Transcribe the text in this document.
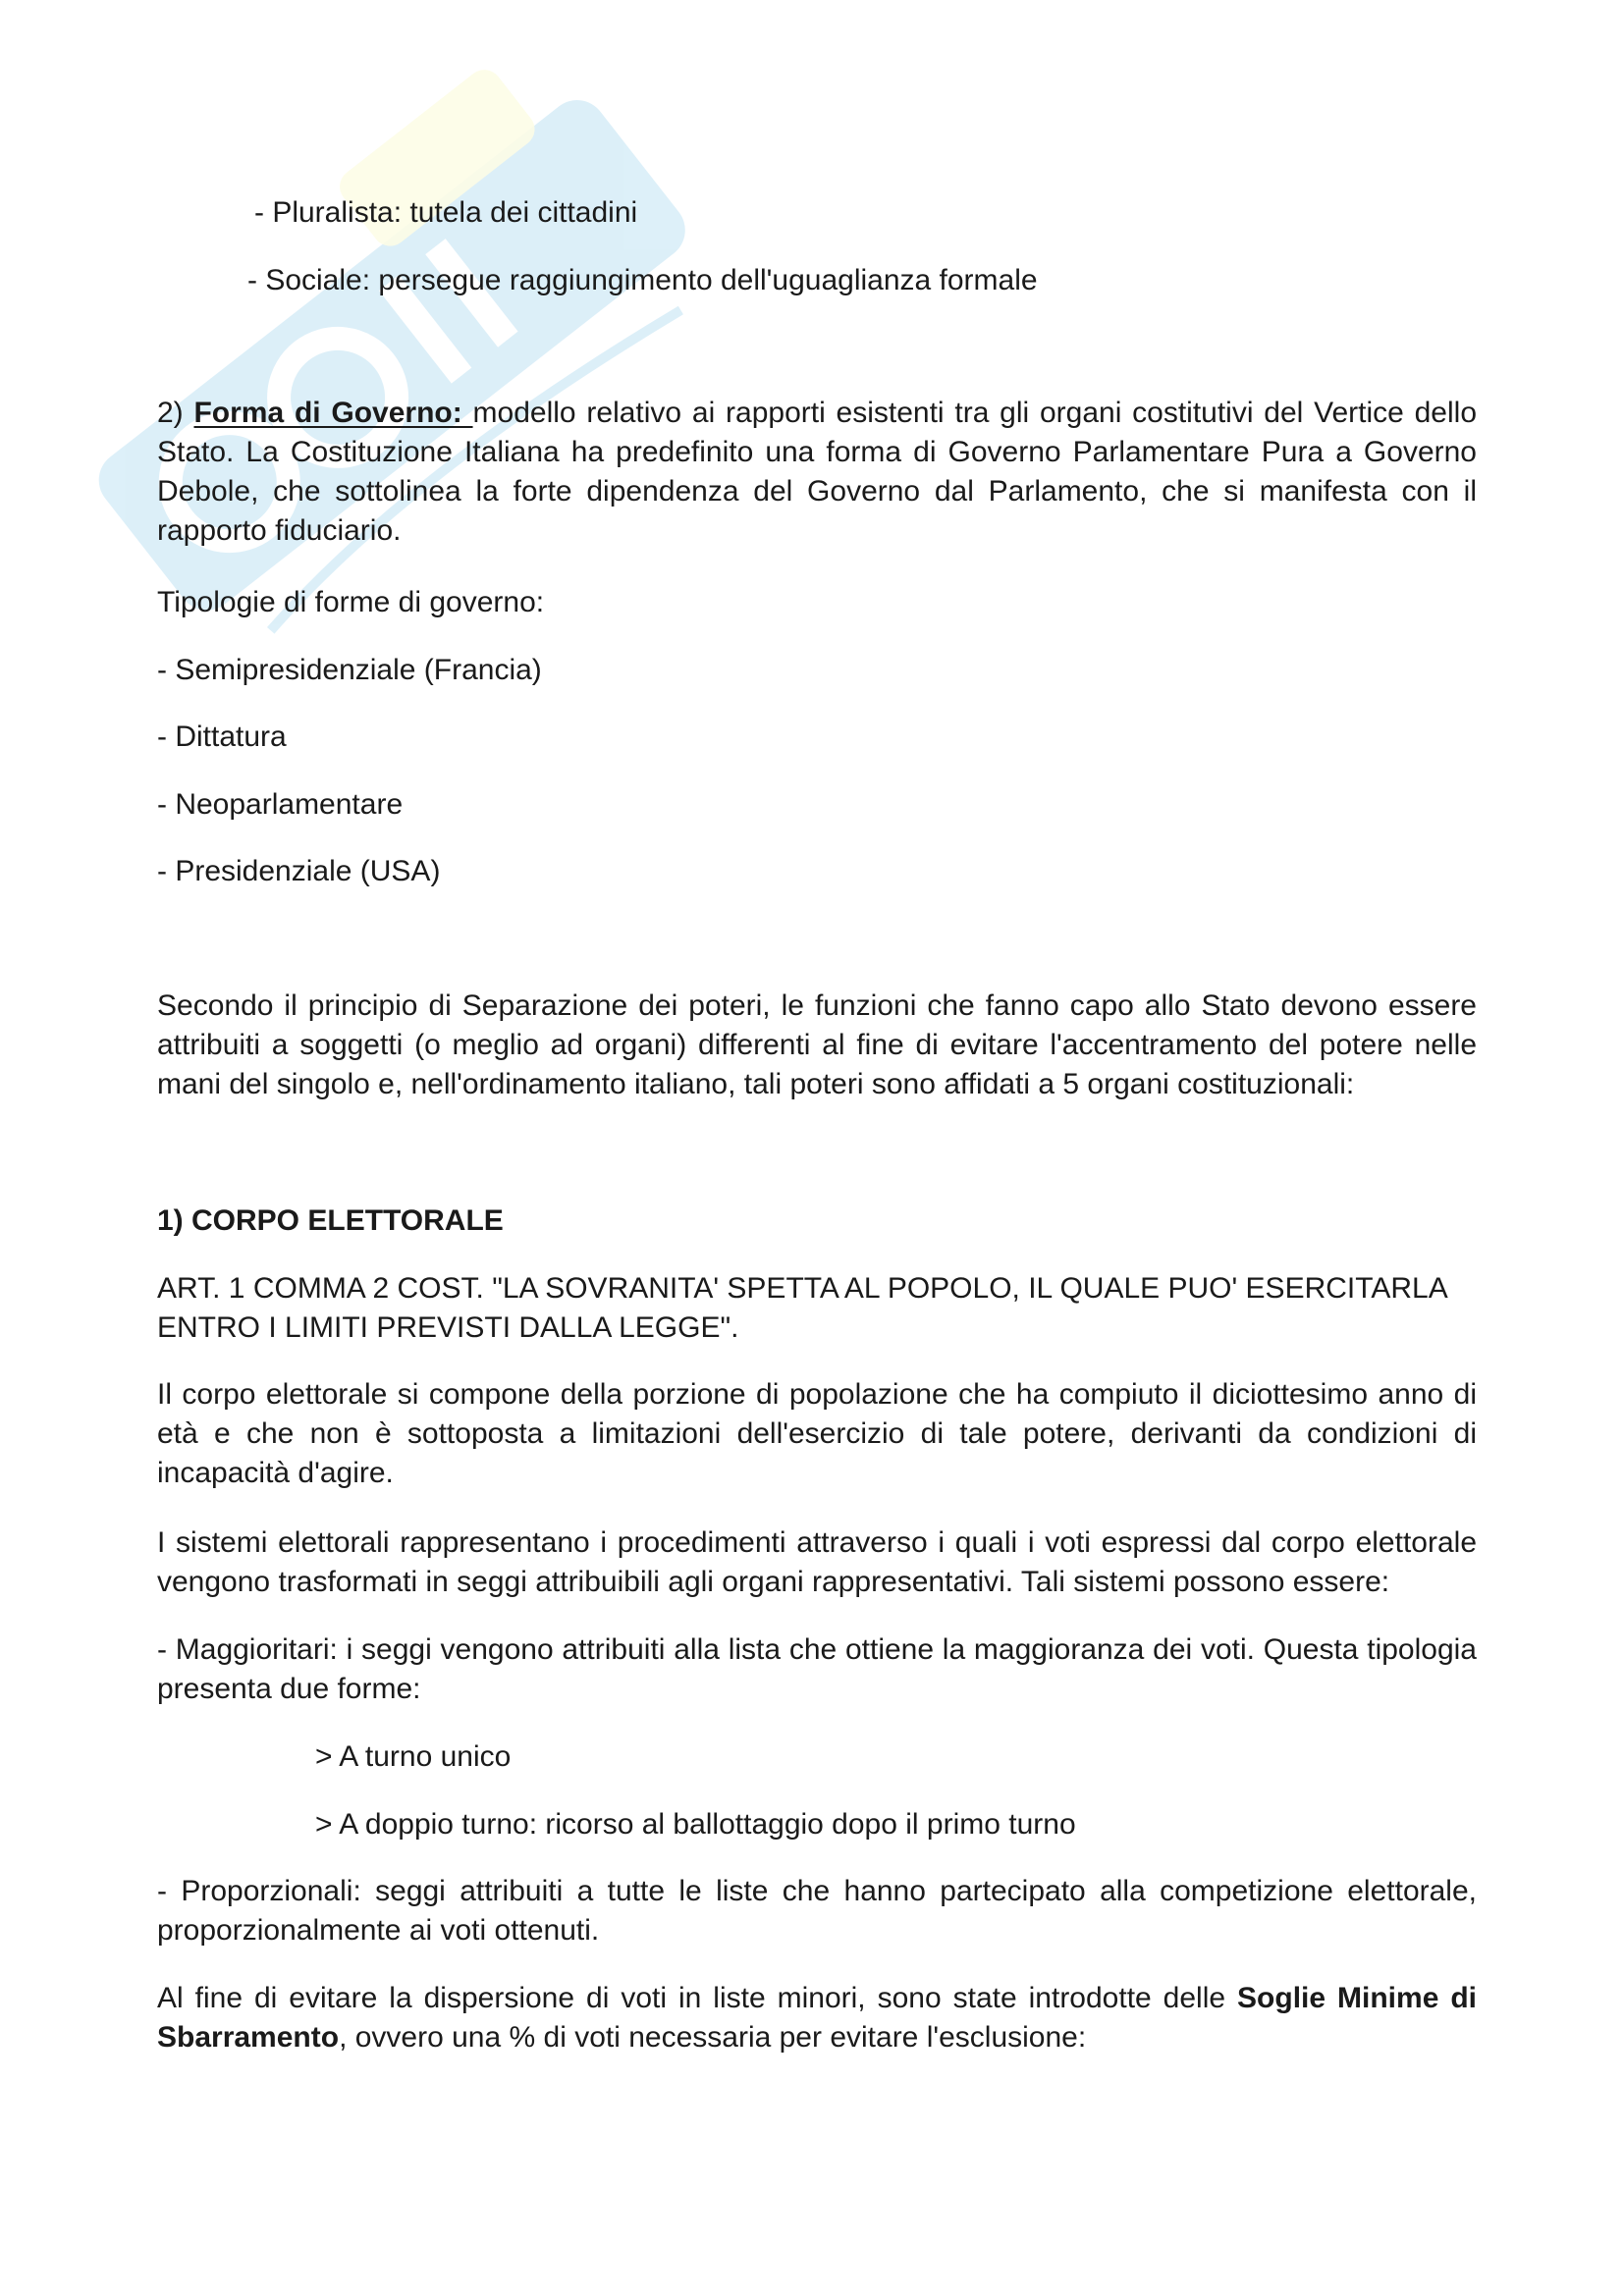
- Pluralista: tutela dei cittadini
- Sociale: persegue raggiungimento dell'uguaglianza formale
2) Forma di Governo: modello relativo ai rapporti esistenti tra gli organi costitutivi del Vertice dello Stato. La Costituzione Italiana ha predefinito una forma di Governo Parlamentare Pura a Governo Debole, che sottolinea la forte dipendenza del Governo dal Parlamento, che si manifesta con il rapporto fiduciario.
Tipologie di forme di governo:
- Semipresidenziale (Francia)
- Dittatura
- Neoparlamentare
- Presidenziale (USA)
Secondo il principio di Separazione dei poteri, le funzioni che fanno capo allo Stato devono essere attribuiti a soggetti (o meglio ad organi) differenti al fine di evitare l'accentramento del potere nelle mani del singolo e, nell'ordinamento italiano, tali poteri sono affidati a 5 organi costituzionali:
1) CORPO ELETTORALE
ART. 1 COMMA 2 COST. "LA SOVRANITA' SPETTA AL POPOLO, IL QUALE PUO' ESERCITARLA
ENTRO I LIMITI PREVISTI DALLA LEGGE".
Il corpo elettorale si compone della porzione di popolazione che ha compiuto il diciottesimo anno di età e che non è sottoposta a limitazioni dell'esercizio di tale potere, derivanti da condizioni di incapacità d'agire.
I sistemi elettorali rappresentano i procedimenti attraverso i quali i voti espressi dal corpo elettorale vengono trasformati in seggi attribuibili agli organi rappresentativi. Tali sistemi possono essere:
- Maggioritari: i seggi vengono attribuiti alla lista che ottiene la maggioranza dei voti. Questa tipologia presenta due forme:
> A turno unico
> A doppio turno: ricorso al ballottaggio dopo il primo turno
- Proporzionali: seggi attribuiti a tutte le liste che hanno partecipato alla competizione elettorale, proporzionalmente ai voti ottenuti.
Al fine di evitare la dispersione di voti in liste minori, sono state introdotte delle Soglie Minime di Sbarramento, ovvero una % di voti necessaria per evitare l'esclusione:
